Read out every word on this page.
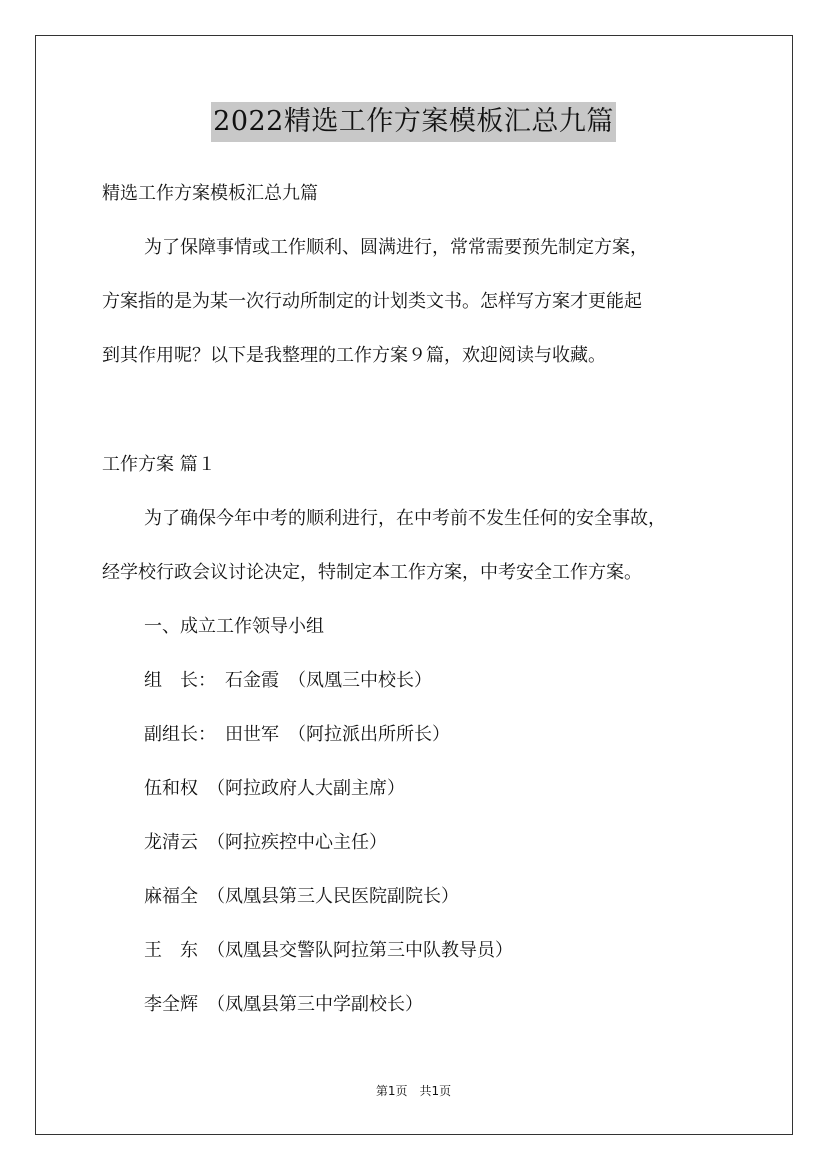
2022精选工作方案模板汇总九篇
精选工作方案模板汇总九篇
为了保障事情或工作顺利、圆满进行，常常需要预先制定方案，
方案指的是为某一次行动所制定的计划类文书。怎样写方案才更能起
到其作用呢？以下是我整理的工作方案９篇，欢迎阅读与收藏。
工作方案 篇１
为了确保今年中考的顺利进行，在中考前不发生任何的安全事故，
经学校行政会议讨论决定，特制定本工作方案，中考安全工作方案。
一、成立工作领导小组
组　长：　石金霞　（凤凰三中校长）
副组长：　田世军　（阿拉派出所所长）
伍和权　（阿拉政府人大副主席）
龙清云　（阿拉疾控中心主任）
麻福全　（凤凰县第三人民医院副院长）
王　东　（凤凰县交警队阿拉第三中队教导员）
李全辉　（凤凰县第三中学副校长）
第1页　共1页
